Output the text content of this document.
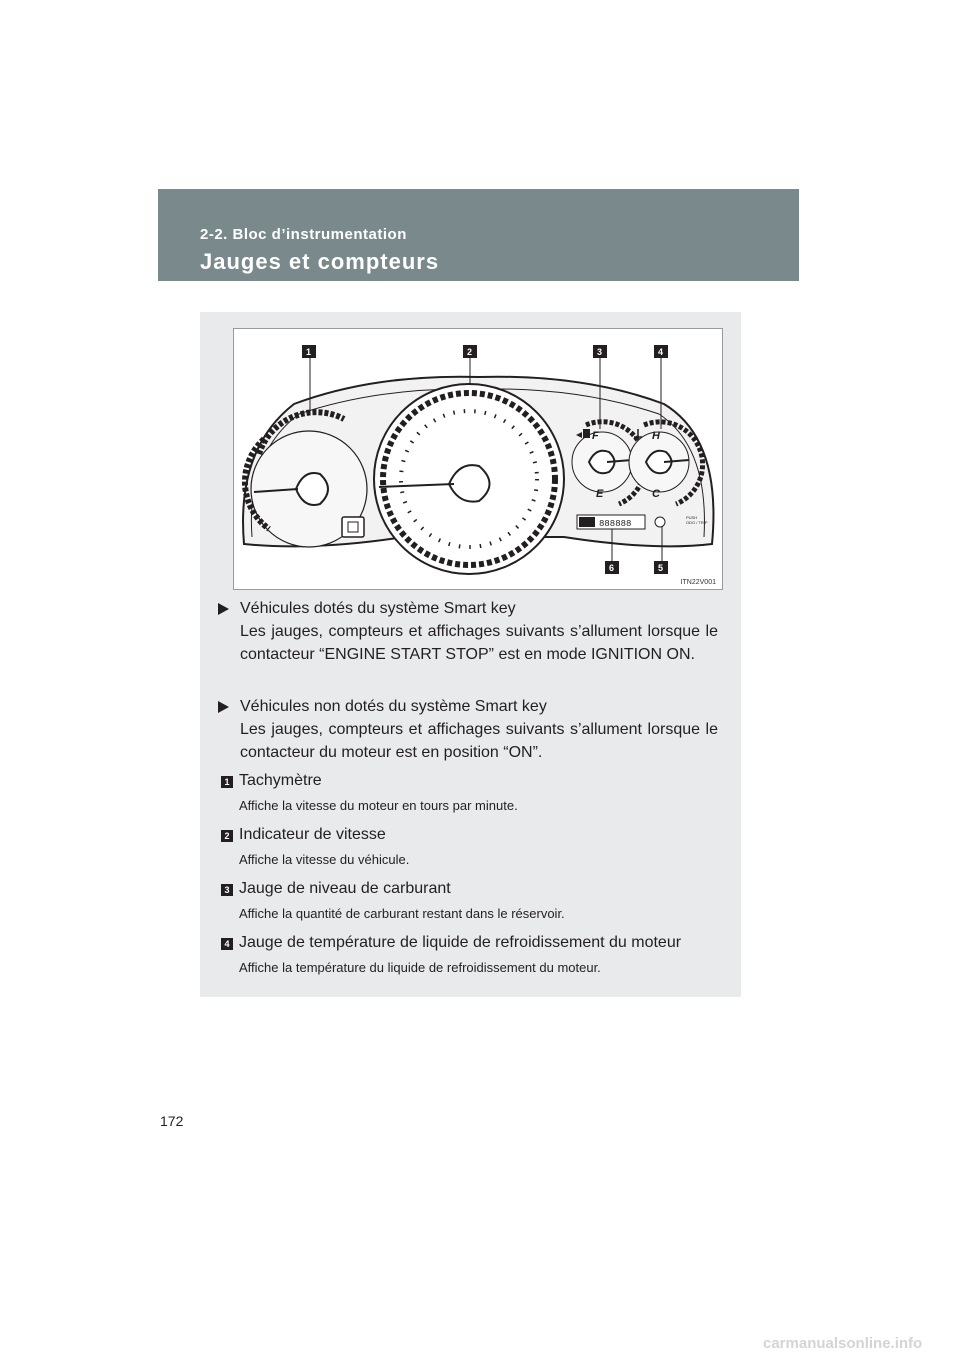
2-2. Bloc d’instrumentation
Jauges et compteurs
F
E
H
C
888888
PUSH
ODO / TRIP
1	2	3	4
5
6
ITN22V001
Véhicules dotés du système Smart key
Les jauges, compteurs et affichages suivants s’allument lorsque le contacteur “ENGINE START STOP” est en mode IGNITION ON.
Véhicules non dotés du système Smart key
Les jauges, compteurs et affichages suivants s’allument lorsque le contacteur du moteur est en position “ON”.
1 Tachymètre
Affiche la vitesse du moteur en tours par minute.
2 Indicateur de vitesse
Affiche la vitesse du véhicule.
3 Jauge de niveau de carburant
Affiche la quantité de carburant restant dans le réservoir.
4 Jauge de température de liquide de refroidissement du moteur
Affiche la température du liquide de refroidissement du moteur.
172
carmanualsonline.info
